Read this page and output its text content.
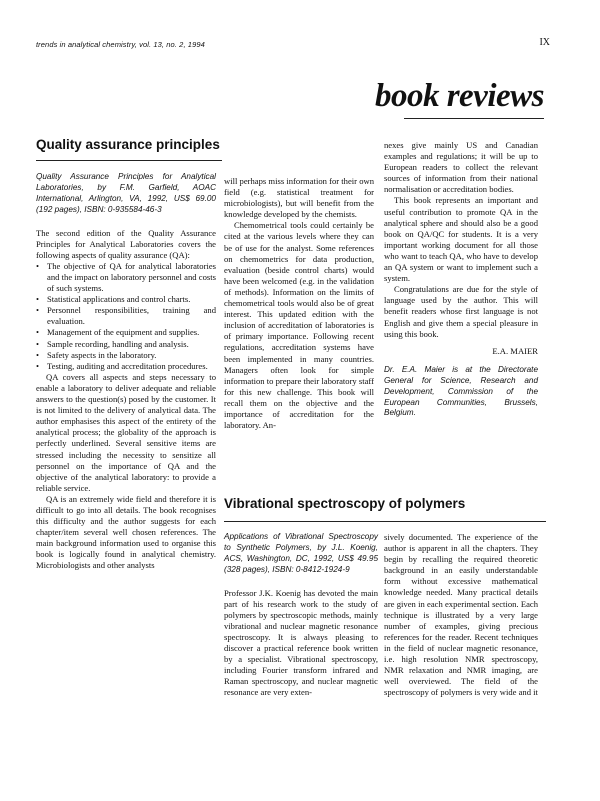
trends in analytical chemistry, vol. 13, no. 2, 1994	IX
book reviews
Quality assurance principles

Quality Assurance Principles for Analytical Laboratories, by F.M. Garfield, AOAC International, Arlington, VA, 1992, US$ 69.00 (192 pages), ISBN: 0-935584-46-3

The second edition of the Quality Assurance Principles for Analytical Laboratories covers the following aspects of quality assurance (QA):

• The objective of QA for analytical laboratories and the impact on laboratory personnel and costs of such systems.
• Statistical applications and control charts.
• Personnel responsibilities, training and evaluation.
• Management of the equipment and supplies.
• Sample recording, handling and analysis.
• Safety aspects in the laboratory.
• Testing, auditing and accreditation procedures.

QA covers all aspects and steps necessary to enable a laboratory to deliver adequate and reliable answers to the question(s) posed by the customer. It is not limited to the delivery of analytical data. The author emphasises this aspect of the entirety of the analytical process; the globality of the approach is perfectly underlined. Several sensitive items are stressed including the necessity to sensitize all personnel on the importance of QA and the objective of the analytical laboratory: to provide a reliable service.

QA is an extremely wide field and therefore it is difficult to go into all details. The book recognises this difficulty and the author suggests for each chapter/item several well chosen references. The main background information used to organise this book is logically found in analytical chemistry. Microbiologists and other analysts

will perhaps miss information for their own field (e.g. statistical treatment for microbiologists), but will benefit from the knowledge developed by the chemists.

Chemometrical tools could certainly be cited at the various levels where they can be of use for the analyst. Some references on chemometrics for data production, evaluation (beside control charts) would have been welcomed (e.g. in the validation of methods). Information on the limits of chemometrical tools would also be of great interest. This updated edition with the inclusion of accreditation of laboratories is of primary importance. Following recent regulations, accreditation systems have been implemented in many countries. Managers often look for simple information to prepare their laboratory staff for this new challenge. This book will recall them on the objective and the importance of accreditation for the laboratory. An-

nexes give mainly US and Canadian examples and regulations; it will be up to European readers to collect the relevant sources of information from their national normalisation or accreditation bodies.

This book represents an important and useful contribution to promote QA in the analytical sphere and should also be a good book on QA/QC for students. It is a very important working document for all those who want to teach QA, who have to develop an QA system or want to implement such a system.

Congratulations are due for the style of language used by the author. This will benefit readers whose first language is not English and give them a special pleasure in using this book.

E.A. MAIER

Dr. E.A. Maier is at the Directorate General for Science, Research and Development, Commission of the European Communities, Brussels, Belgium.

Vibrational spectroscopy of polymers

Applications of Vibrational Spectroscopy to Synthetic Polymers, by J.L. Koenig, ACS, Washington, DC, 1992, US$ 49.95 (328 pages), ISBN: 0-8412-1924-9

Professor J.K. Koenig has devoted the main part of his research work to the study of polymers by spectroscopic methods, mainly vibrational and nuclear magnetic resonance spectroscopy. It is always pleasing to discover a practical reference book written by a specialist. Vibrational spectroscopy, including Fourier transform infrared and Raman spectroscopy, and nuclear magnetic resonance are very exten-

sively documented. The experience of the author is apparent in all the chapters. They begin by recalling the required theoretic background in an easily understandable form without excessive mathematical knowledge needed. Many practical details are given in each experimental section. Each technique is illustrated by a very large number of examples, giving precious references for the reader. Recent techniques in the field of nuclear magnetic resonance, i.e. high resolution NMR spectroscopy, NMR relaxation and NMR imaging, are well overviewed. The field of the spectroscopy of polymers is very wide and it
